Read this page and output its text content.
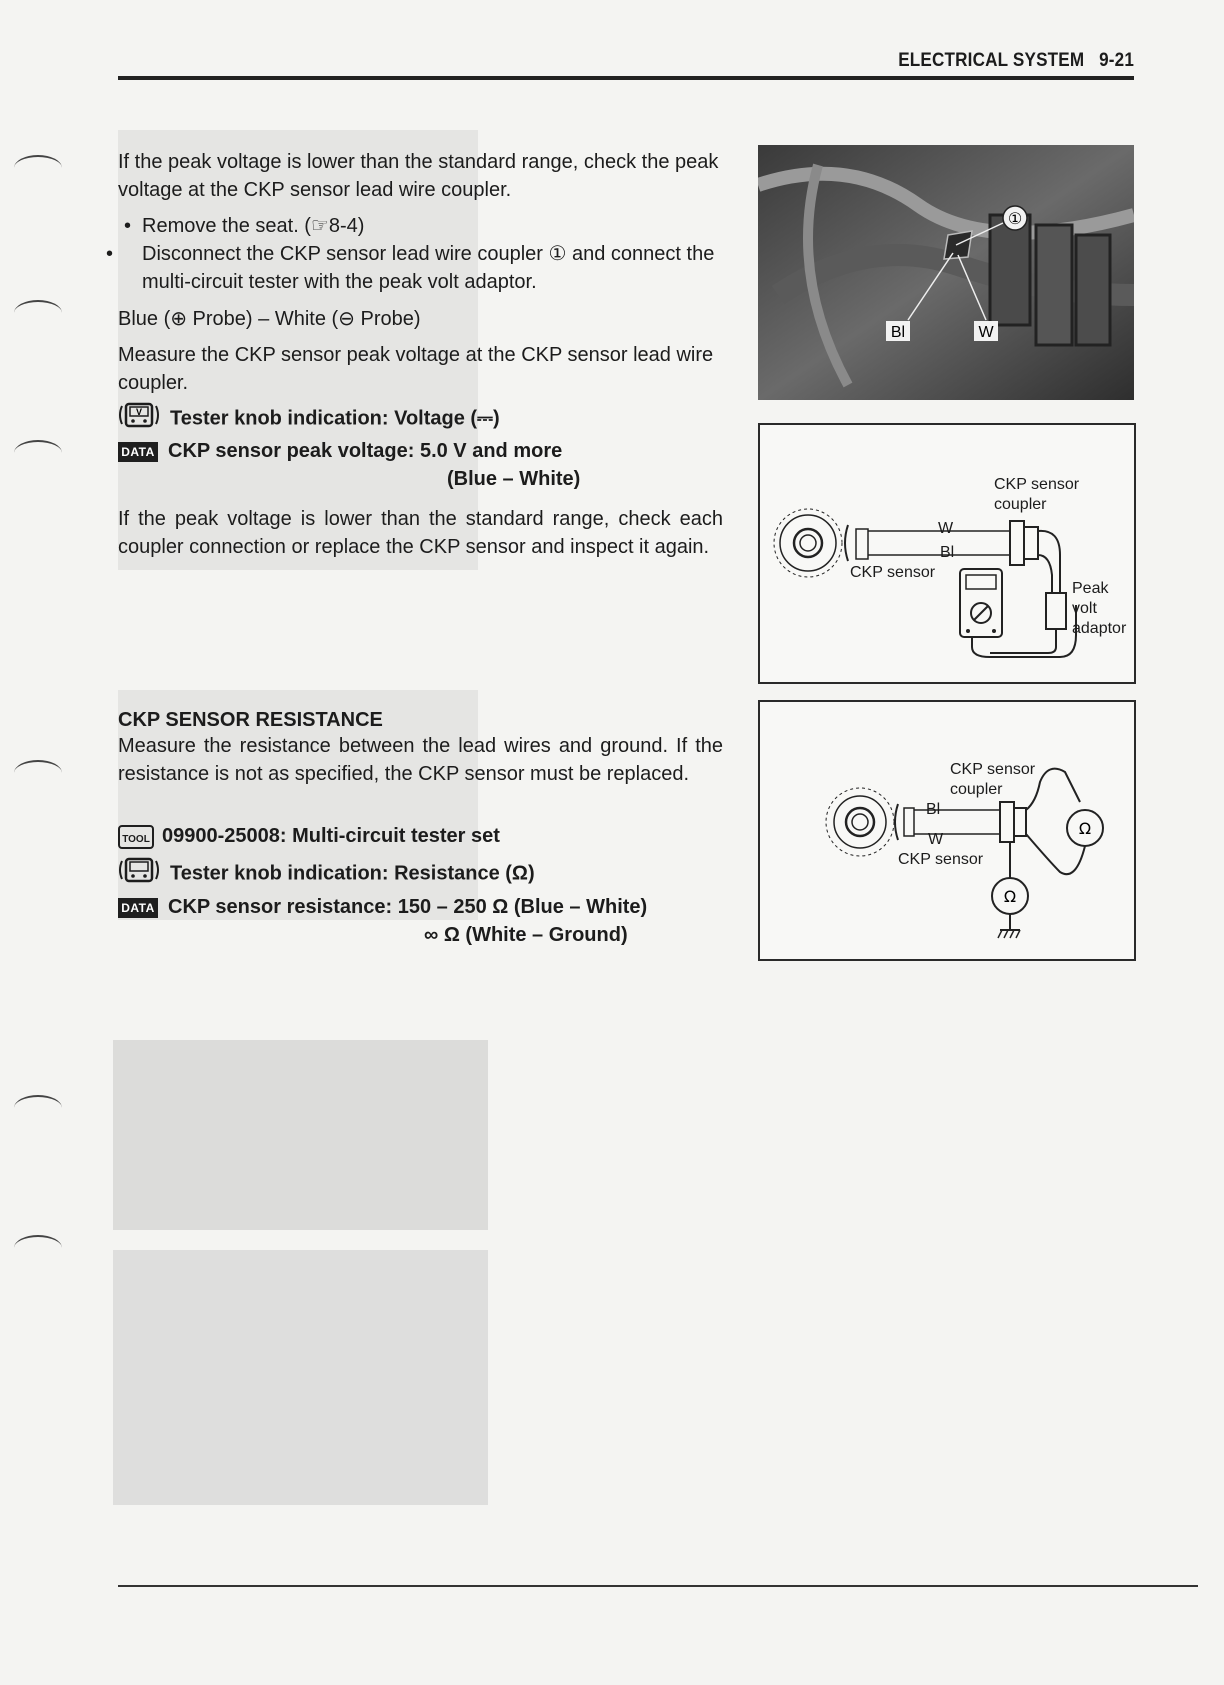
ELECTRICAL SYSTEM   9-21
If the peak voltage is lower than the standard range, check the peak voltage at the CKP sensor lead wire coupler.
• Remove the seat. (☞8-4)
• Disconnect the CKP sensor lead wire coupler ① and connect the multi-circuit tester with the peak volt adaptor.
Blue (⊕ Probe) – White (⊖ Probe)
Measure the CKP sensor peak voltage at the CKP sensor lead wire coupler.
V Tester knob indication: Voltage (⎓)
DATA CKP sensor peak voltage: 5.0 V and more
(Blue – White)
If the peak voltage is lower than the standard range, check each coupler connection or replace the CKP sensor and inspect it again.
CKP SENSOR RESISTANCE
Measure the resistance between the lead wires and ground. If the resistance is not as specified, the CKP sensor must be replaced.
TOOL 09900-25008: Multi-circuit tester set
Tester knob indication: Resistance (Ω)
DATA CKP sensor resistance: 150 – 250 Ω (Blue – White)
∞ Ω (White – Ground)
①
Bl	W
CKP sensor coupler
W
Bl
CKP sensor
Peak volt adaptor
Ω
Ω
CKP sensor coupler
Bl
W
CKP sensor
